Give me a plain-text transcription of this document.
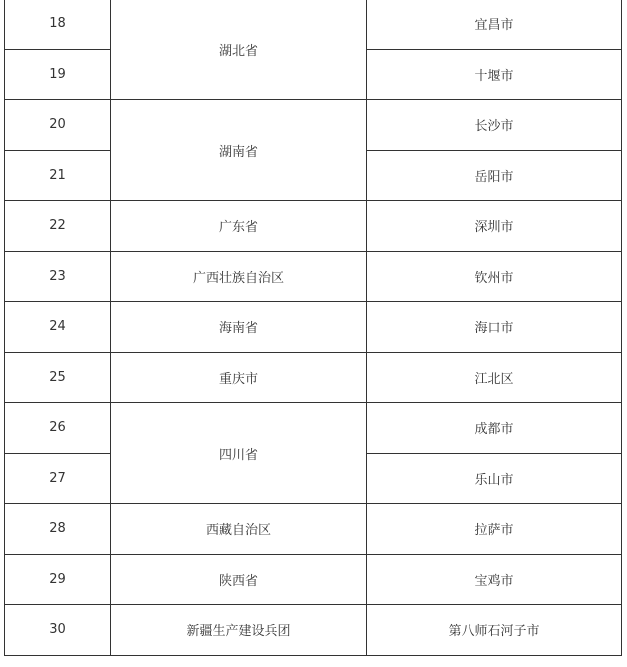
18	湖北省	宜昌市
19		十堰市
20	湖南省	长沙市
21		岳阳市
22	广东省	深圳市
23	广西壮族自治区	钦州市
24	海南省	海口市
25	重庆市	江北区
26	四川省	成都市
27		乐山市
28	西藏自治区	拉萨市
29	陕西省	宝鸡市
30	新疆生产建设兵团	第八师石河子市
